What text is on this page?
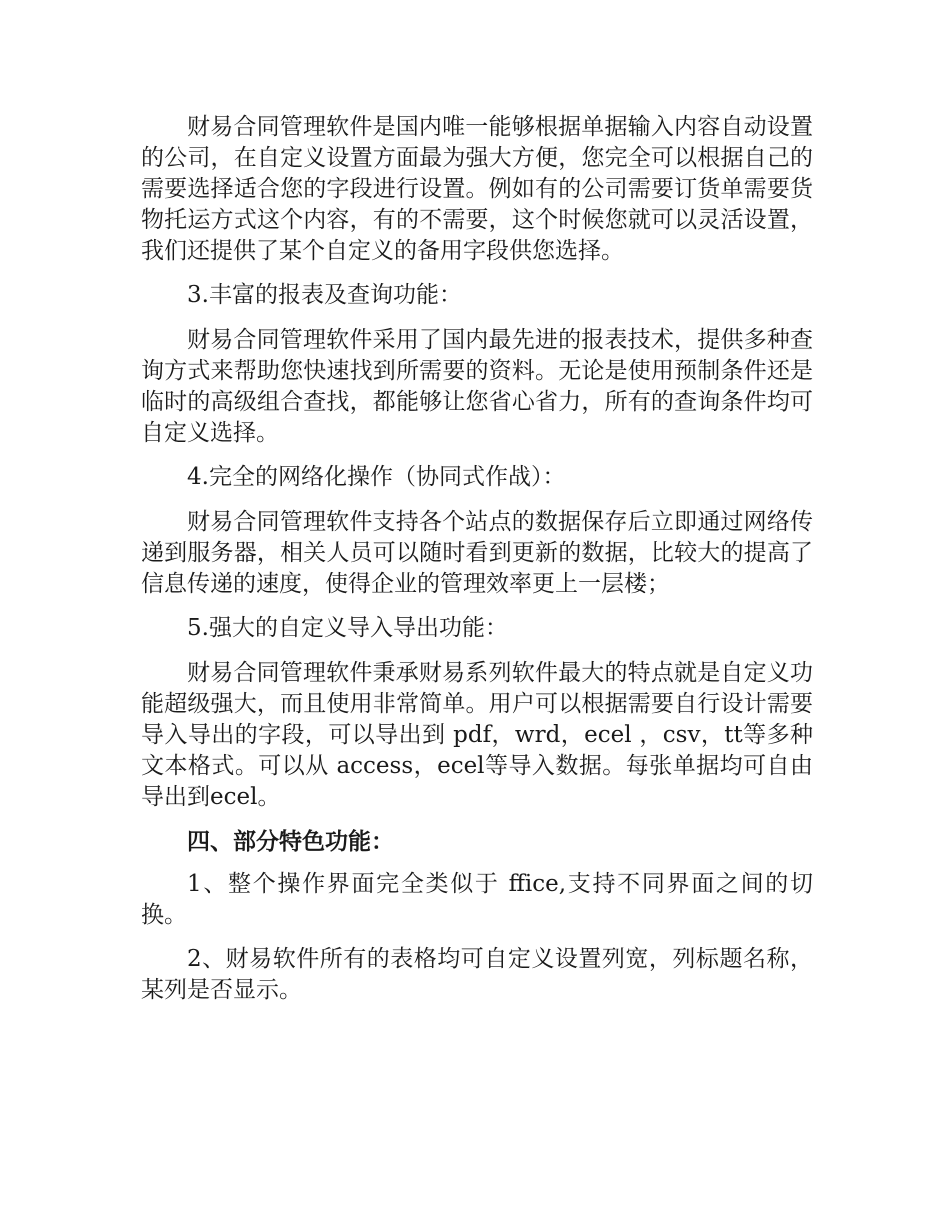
财易合同管理软件是国内唯一能够根据单据输入内容自动设置的公司，在自定义设置方面最为强大方便，您完全可以根据自己的需要选择适合您的字段进行设置。例如有的公司需要订货单需要货物托运方式这个内容，有的不需要，这个时候您就可以灵活设置，我们还提供了某个自定义的备用字段供您选择。

3.丰富的报表及查询功能：

财易合同管理软件采用了国内最先进的报表技术，提供多种查询方式来帮助您快速找到所需要的资料。无论是使用预制条件还是临时的高级组合查找，都能够让您省心省力，所有的查询条件均可自定义选择。

4.完全的网络化操作（协同式作战）：

财易合同管理软件支持各个站点的数据保存后立即通过网络传递到服务器，相关人员可以随时看到更新的数据，比较大的提高了信息传递的速度，使得企业的管理效率更上一层楼；

5.强大的自定义导入导出功能：

财易合同管理软件秉承财易系列软件最大的特点就是自定义功能超级强大，而且使用非常简单。用户可以根据需要自行设计需要导入导出的字段，可以导出到 pdf，wrd，ecel ，csv，tt等多种文本格式。可以从 access，ecel等导入数据。每张单据均可自由导出到ecel。

四、部分特色功能：

1、整个操作界面完全类似于 ffice,支持不同界面之间的切换。

2、财易软件所有的表格均可自定义设置列宽，列标题名称，某列是否显示。
